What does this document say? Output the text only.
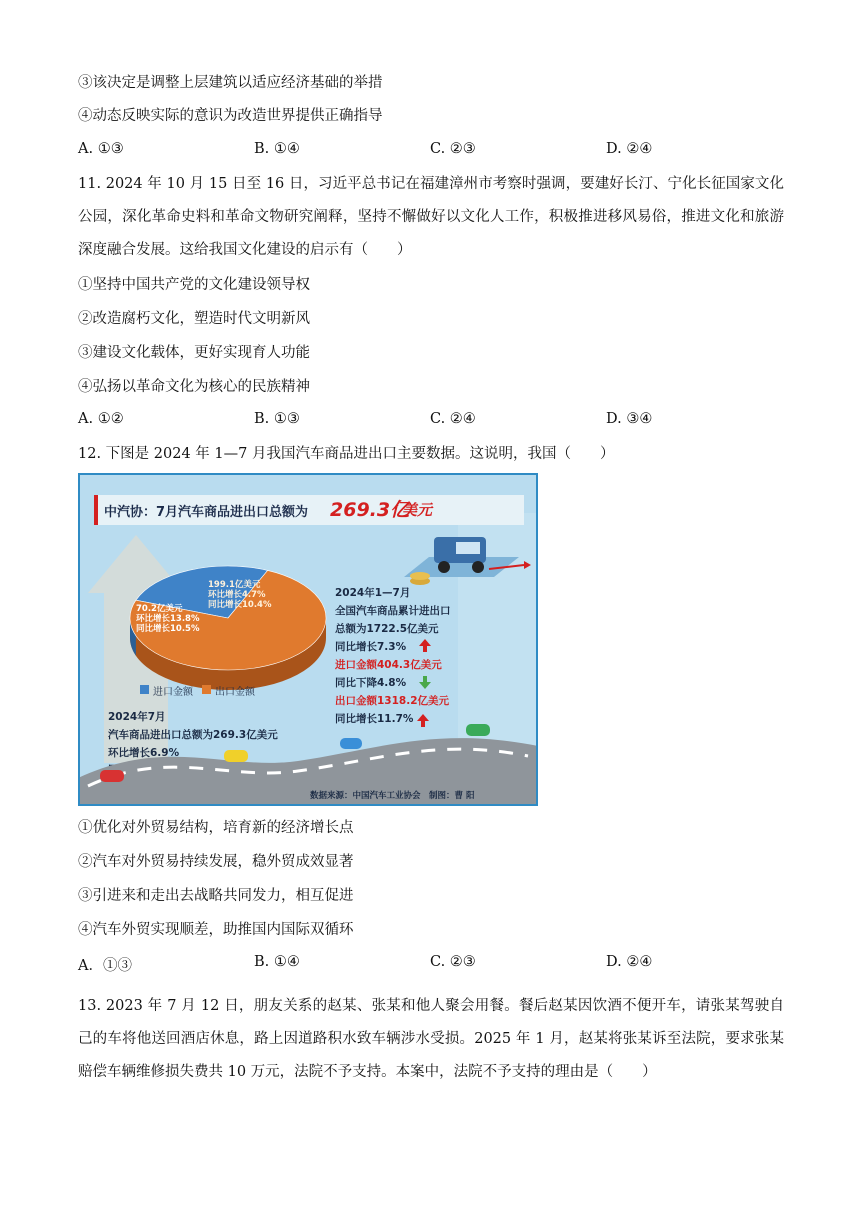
③该决定是调整上层建筑以适应经济基础的举措
④动态反映实际的意识为改造世界提供正确指导
A. ①③	B. ①④	C. ②③	D. ②④
11. 2024 年 10 月 15 日至 16 日，习近平总书记在福建漳州市考察时强调，要建好长汀、宁化长征国家文化公园，深化革命史料和革命文物研究阐释，坚持不懈做好以文化人工作，积极推进移风易俗，推进文化和旅游深度融合发展。这给我国文化建设的启示有（　　）
①坚持中国共产党的文化建设领导权
②改造腐朽文化，塑造时代文明新风
③建设文化载体，更好实现育人功能
④弘扬以革命文化为核心的民族精神
A. ①②	B. ①③	C. ②④	D. ③④
12. 下图是 2024 年 1—7 月我国汽车商品进出口主要数据。这说明，我国（　　）
中汽协：7月汽车商品进出口总额为 269.3亿
美元
70.2亿美元
环比增长13.8%
同比增长10.5%
199.1亿美元
环比增长4.7%
同比增长10.4%
进口金额 出口金额
2024年1—7月
全国汽车商品累计进出口
总额为1722.5亿美元
同比增长7.3%
进口金额404.3亿美元
同比下降4.8%
出口金额1318.2亿美元
同比增长11.7%
2024年7月
汽车商品进出口总额为269.3亿美元
环比增长6.9%
数据来源：中国汽车工业协会　制图：曹 阳
①优化对外贸易结构，培育新的经济增长点
②汽车对外贸易持续发展，稳外贸成效显著
③引进来和走出去战略共同发力，相互促进
④汽车外贸实现顺差，助推国内国际双循环
A．①③	B. ①④	C. ②③	D. ②④
13. 2023 年 7 月 12 日，朋友关系的赵某、张某和他人聚会用餐。餐后赵某因饮酒不便开车，请张某驾驶自己的车将他送回酒店休息，路上因道路积水致车辆涉水受损。2025 年 1 月，赵某将张某诉至法院，要求张某赔偿车辆维修损失费共 10 万元，法院不予支持。本案中，法院不予支持的理由是（　　）
